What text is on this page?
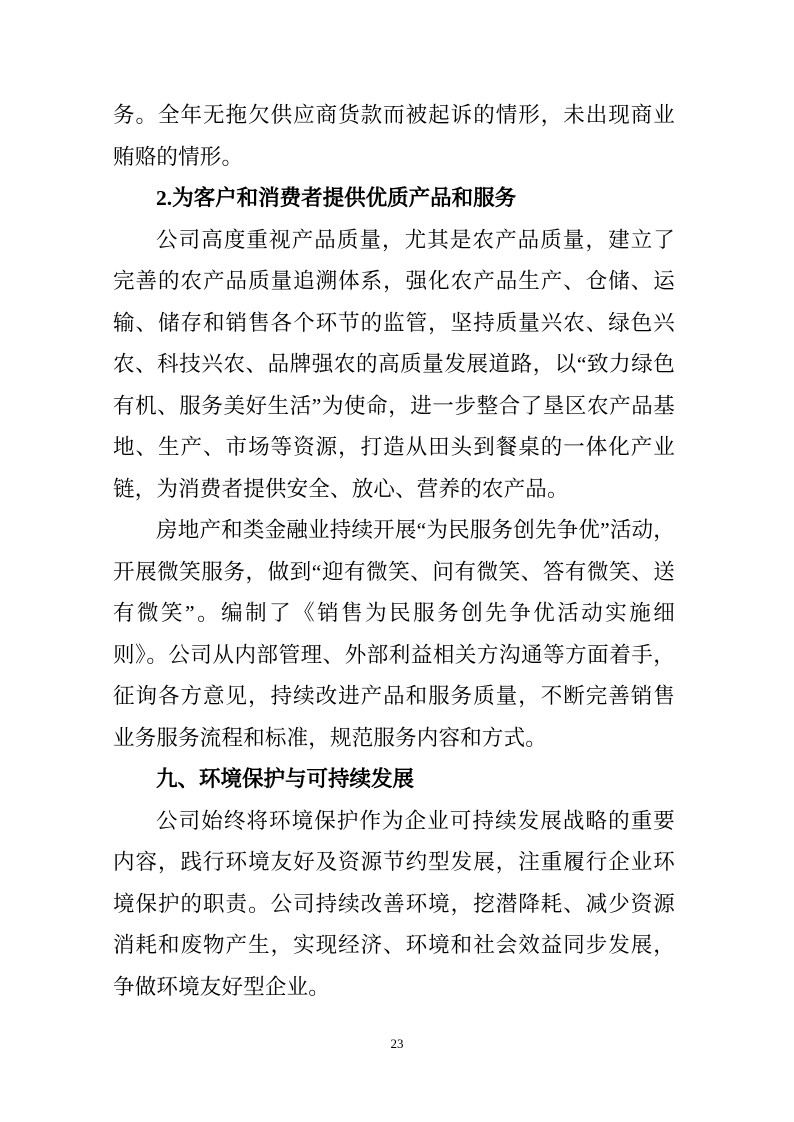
务。全年无拖欠供应商货款而被起诉的情形，未出现商业贿赂的情形。

2.为客户和消费者提供优质产品和服务

公司高度重视产品质量，尤其是农产品质量，建立了完善的农产品质量追溯体系，强化农产品生产、仓储、运输、储存和销售各个环节的监管，坚持质量兴农、绿色兴农、科技兴农、品牌强农的高质量发展道路，以“致力绿色有机、服务美好生活”为使命，进一步整合了垦区农产品基地、生产、市场等资源，打造从田头到餐桌的一体化产业链，为消费者提供安全、放心、营养的农产品。

房地产和类金融业持续开展“为民服务创先争优”活动，开展微笑服务，做到“迎有微笑、问有微笑、答有微笑、送有微笑”。编制了《销售为民服务创先争优活动实施细则》。公司从内部管理、外部利益相关方沟通等方面着手，征询各方意见，持续改进产品和服务质量，不断完善销售业务服务流程和标准，规范服务内容和方式。

九、环境保护与可持续发展

公司始终将环境保护作为企业可持续发展战略的重要内容，践行环境友好及资源节约型发展，注重履行企业环境保护的职责。公司持续改善环境，挖潜降耗、减少资源消耗和废物产生，实现经济、环境和社会效益同步发展，争做环境友好型企业。

23
